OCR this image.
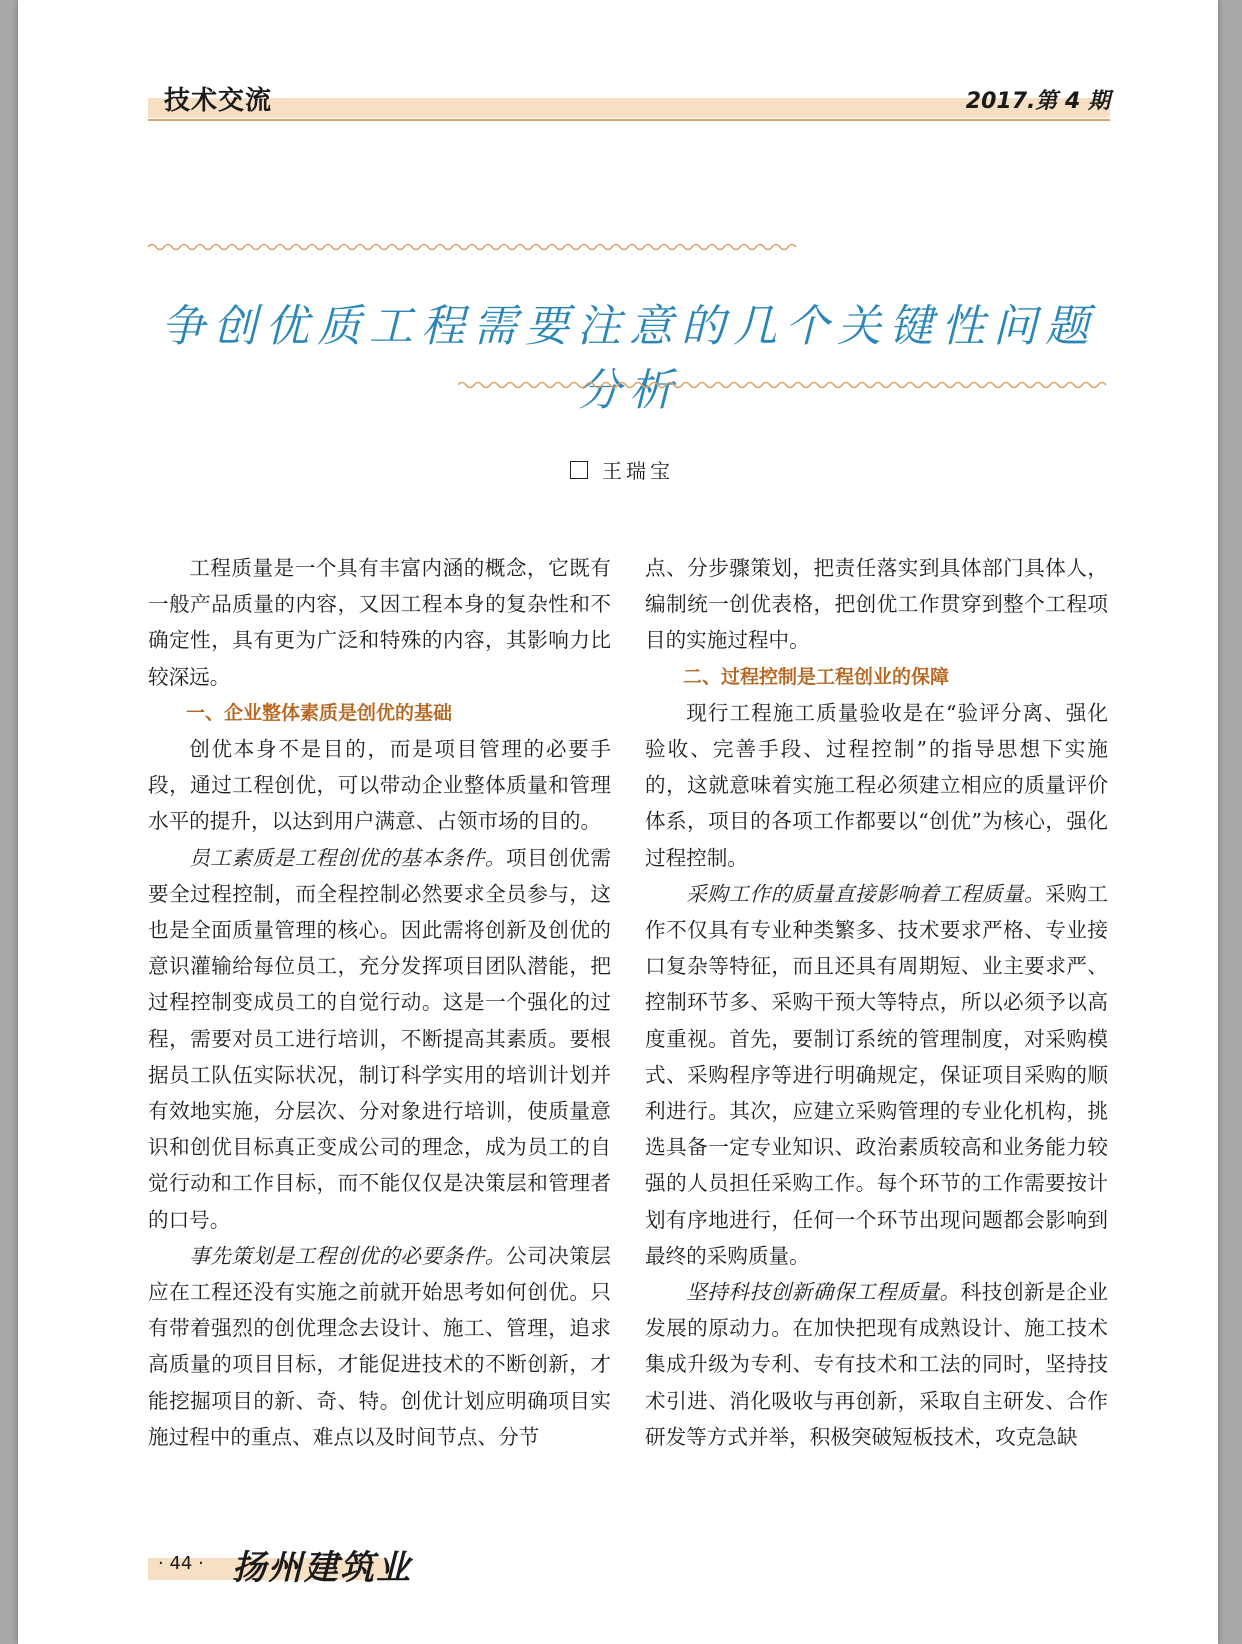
技术交流	2017.第 4 期
争创优质工程需要注意的几个关键性问题分析
王瑞宝

工程质量是一个具有丰富内涵的概念，它既有一般产品质量的内容，又因工程本身的复杂性和不确定性，具有更为广泛和特殊的内容，其影响力比较深远。

一、企业整体素质是创优的基础

创优本身不是目的，而是项目管理的必要手段，通过工程创优，可以带动企业整体质量和管理水平的提升，以达到用户满意、占领市场的目的。

员工素质是工程创优的基本条件。项目创优需要全过程控制，而全程控制必然要求全员参与，这也是全面质量管理的核心。因此需将创新及创优的意识灌输给每位员工，充分发挥项目团队潜能，把过程控制变成员工的自觉行动。这是一个强化的过程，需要对员工进行培训，不断提高其素质。要根据员工队伍实际状况，制订科学实用的培训计划并有效地实施，分层次、分对象进行培训，使质量意识和创优目标真正变成公司的理念，成为员工的自觉行动和工作目标，而不能仅仅是决策层和管理者的口号。

事先策划是工程创优的必要条件。公司决策层应在工程还没有实施之前就开始思考如何创优。只有带着强烈的创优理念去设计、施工、管理，追求高质量的项目目标，才能促进技术的不断创新，才能挖掘项目的新、奇、特。创优计划应明确项目实施过程中的重点、难点以及时间节点、分节

点、分步骤策划，把责任落实到具体部门具体人，编制统一创优表格，把创优工作贯穿到整个工程项目的实施过程中。

二、过程控制是工程创业的保障

现行工程施工质量验收是在“验评分离、强化验收、完善手段、过程控制”的指导思想下实施的，这就意味着实施工程必须建立相应的质量评价体系，项目的各项工作都要以“创优”为核心，强化过程控制。

采购工作的质量直接影响着工程质量。采购工作不仅具有专业种类繁多、技术要求严格、专业接口复杂等特征，而且还具有周期短、业主要求严、控制环节多、采购干预大等特点，所以必须予以高度重视。首先，要制订系统的管理制度，对采购模式、采购程序等进行明确规定，保证项目采购的顺利进行。其次，应建立采购管理的专业化机构，挑选具备一定专业知识、政治素质较高和业务能力较强的人员担任采购工作。每个环节的工作需要按计划有序地进行，任何一个环节出现问题都会影响到最终的采购质量。

坚持科技创新确保工程质量。科技创新是企业发展的原动力。在加快把现有成熟设计、施工技术集成升级为专利、专有技术和工法的同时，坚持技术引进、消化吸收与再创新，采取自主研发、合作研发等方式并举，积极突破短板技术，攻克急缺

· 44 · 扬州建筑业
